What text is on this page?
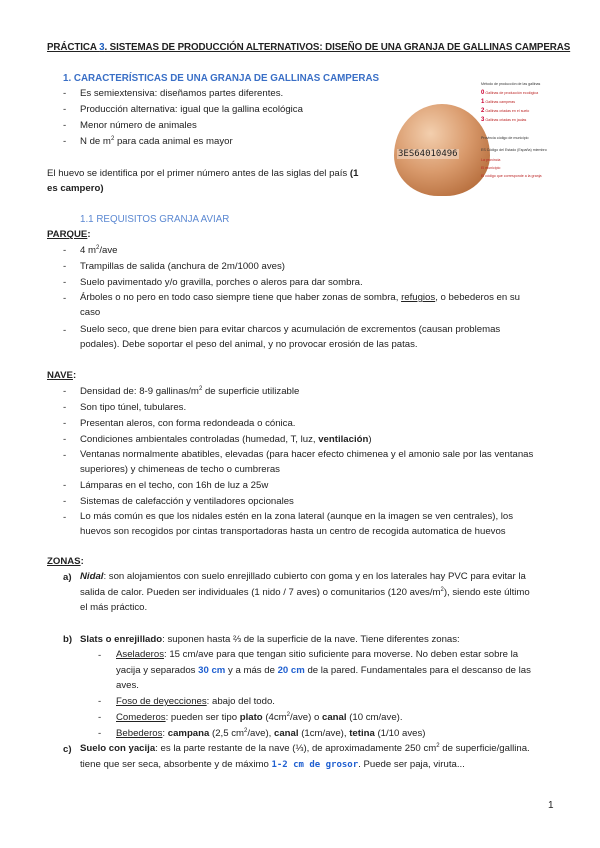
PRÁCTICA 3. SISTEMAS DE PRODUCCIÓN ALTERNATIVOS: DISEÑO DE UNA GRANJA DE GALLINAS CAMPERAS
1. CARACTERÍSTICAS DE UNA GRANJA DE GALLINAS CAMPERAS
-	Es semiextensiva: diseñamos partes diferentes.
-	Producción alternativa: igual que la gallina ecológica
-	Menor número de animales
-	N de $m^2$ para cada animal es mayor
El huevo se identifica por el primer número antes de las siglas del país (1
es campero)
3ES64010496
Método de producción de las gallinas
0 Gallinas de producción ecológica
1 Gallinas camperas
2 Gallinas criadas en el suelo
3 Gallinas criadas en jaulas
Provincia código de municipio
ES Código del Estado (España) miembro
La provincia
El municipio
El código que corresponde a la granja
1.1 REQUISITOS GRANJA AVIAR
PARQUE:
-	4 $m^2$/ave
-	Trampillas de salida (anchura de 2m/1000 aves)
-	Suelo pavimentado y/o gravilla, porches o aleros para dar sombra.
-	Árboles o no pero en todo caso siempre tiene que haber zonas de sombra, refugios, o bebederos en su
caso
-	Suelo seco, que drene bien para evitar charcos y acumulación de excrementos (causan problemas
podales). Debe soportar el peso del animal, y no provocar erosión de las patas.
NAVE:
-	Densidad de: 8-9 gallinas/$m^2$ de superficie utilizable
-	Son tipo túnel, tubulares.
-	Presentan aleros, con forma redondeada o cónica.
-	Condiciones ambientales controladas (humedad, T, luz, ventilación)
-	Ventanas normalmente abatibles, elevadas (para hacer efecto chimenea y el amonio sale por las ventanas
superiores) y chimeneas de techo o cumbreras
-	Lámparas en el techo, con 16h de luz a 25w
-	Sistemas de calefacción y ventiladores opcionales
-	Lo más común es que los nidales estén en la zona lateral (aunque en la imagen se ven centrales), los
huevos son recogidos por cintas transportadoras hasta un centro de recogida automatica de huevos
ZONAS:
a) Nidal: son alojamientos con suelo enrejillado cubierto con goma y en los laterales hay PVC para evitar la
salida de calor. Pueden ser individuales (1 nido / 7 aves) o comunitarios (120 aves/$m^2$), siendo este último
el más práctico.
b) Slats o enrejillado: suponen hasta ⅔ de la superficie de la nave. Tiene diferentes zonas:
-	Aseladeros: 15 cm/ave para que tengan sitio suficiente para moverse. No deben estar sobre la
yacija y separados 30 cm y a más de 20 cm de la pared. Fundamentales para el descanso de las
aves.
-	Foso de deyecciones: abajo del todo.
-	Comederos: pueden ser tipo plato $(4cm^2/ave)$ o canal (10 cm/ave).
-	Bebederos: campana (2,5 $cm^2/ave$), canal (1cm/ave), tetina (1/10 aves)
c) Suelo con yacija: es la parte restante de la nave (⅓), de aproximadamente 250 $cm^2$ de superficie/gallina.
tiene que ser seca, absorbente y de máximo 1-2 cm de grosor. Puede ser paja, viruta...
1
